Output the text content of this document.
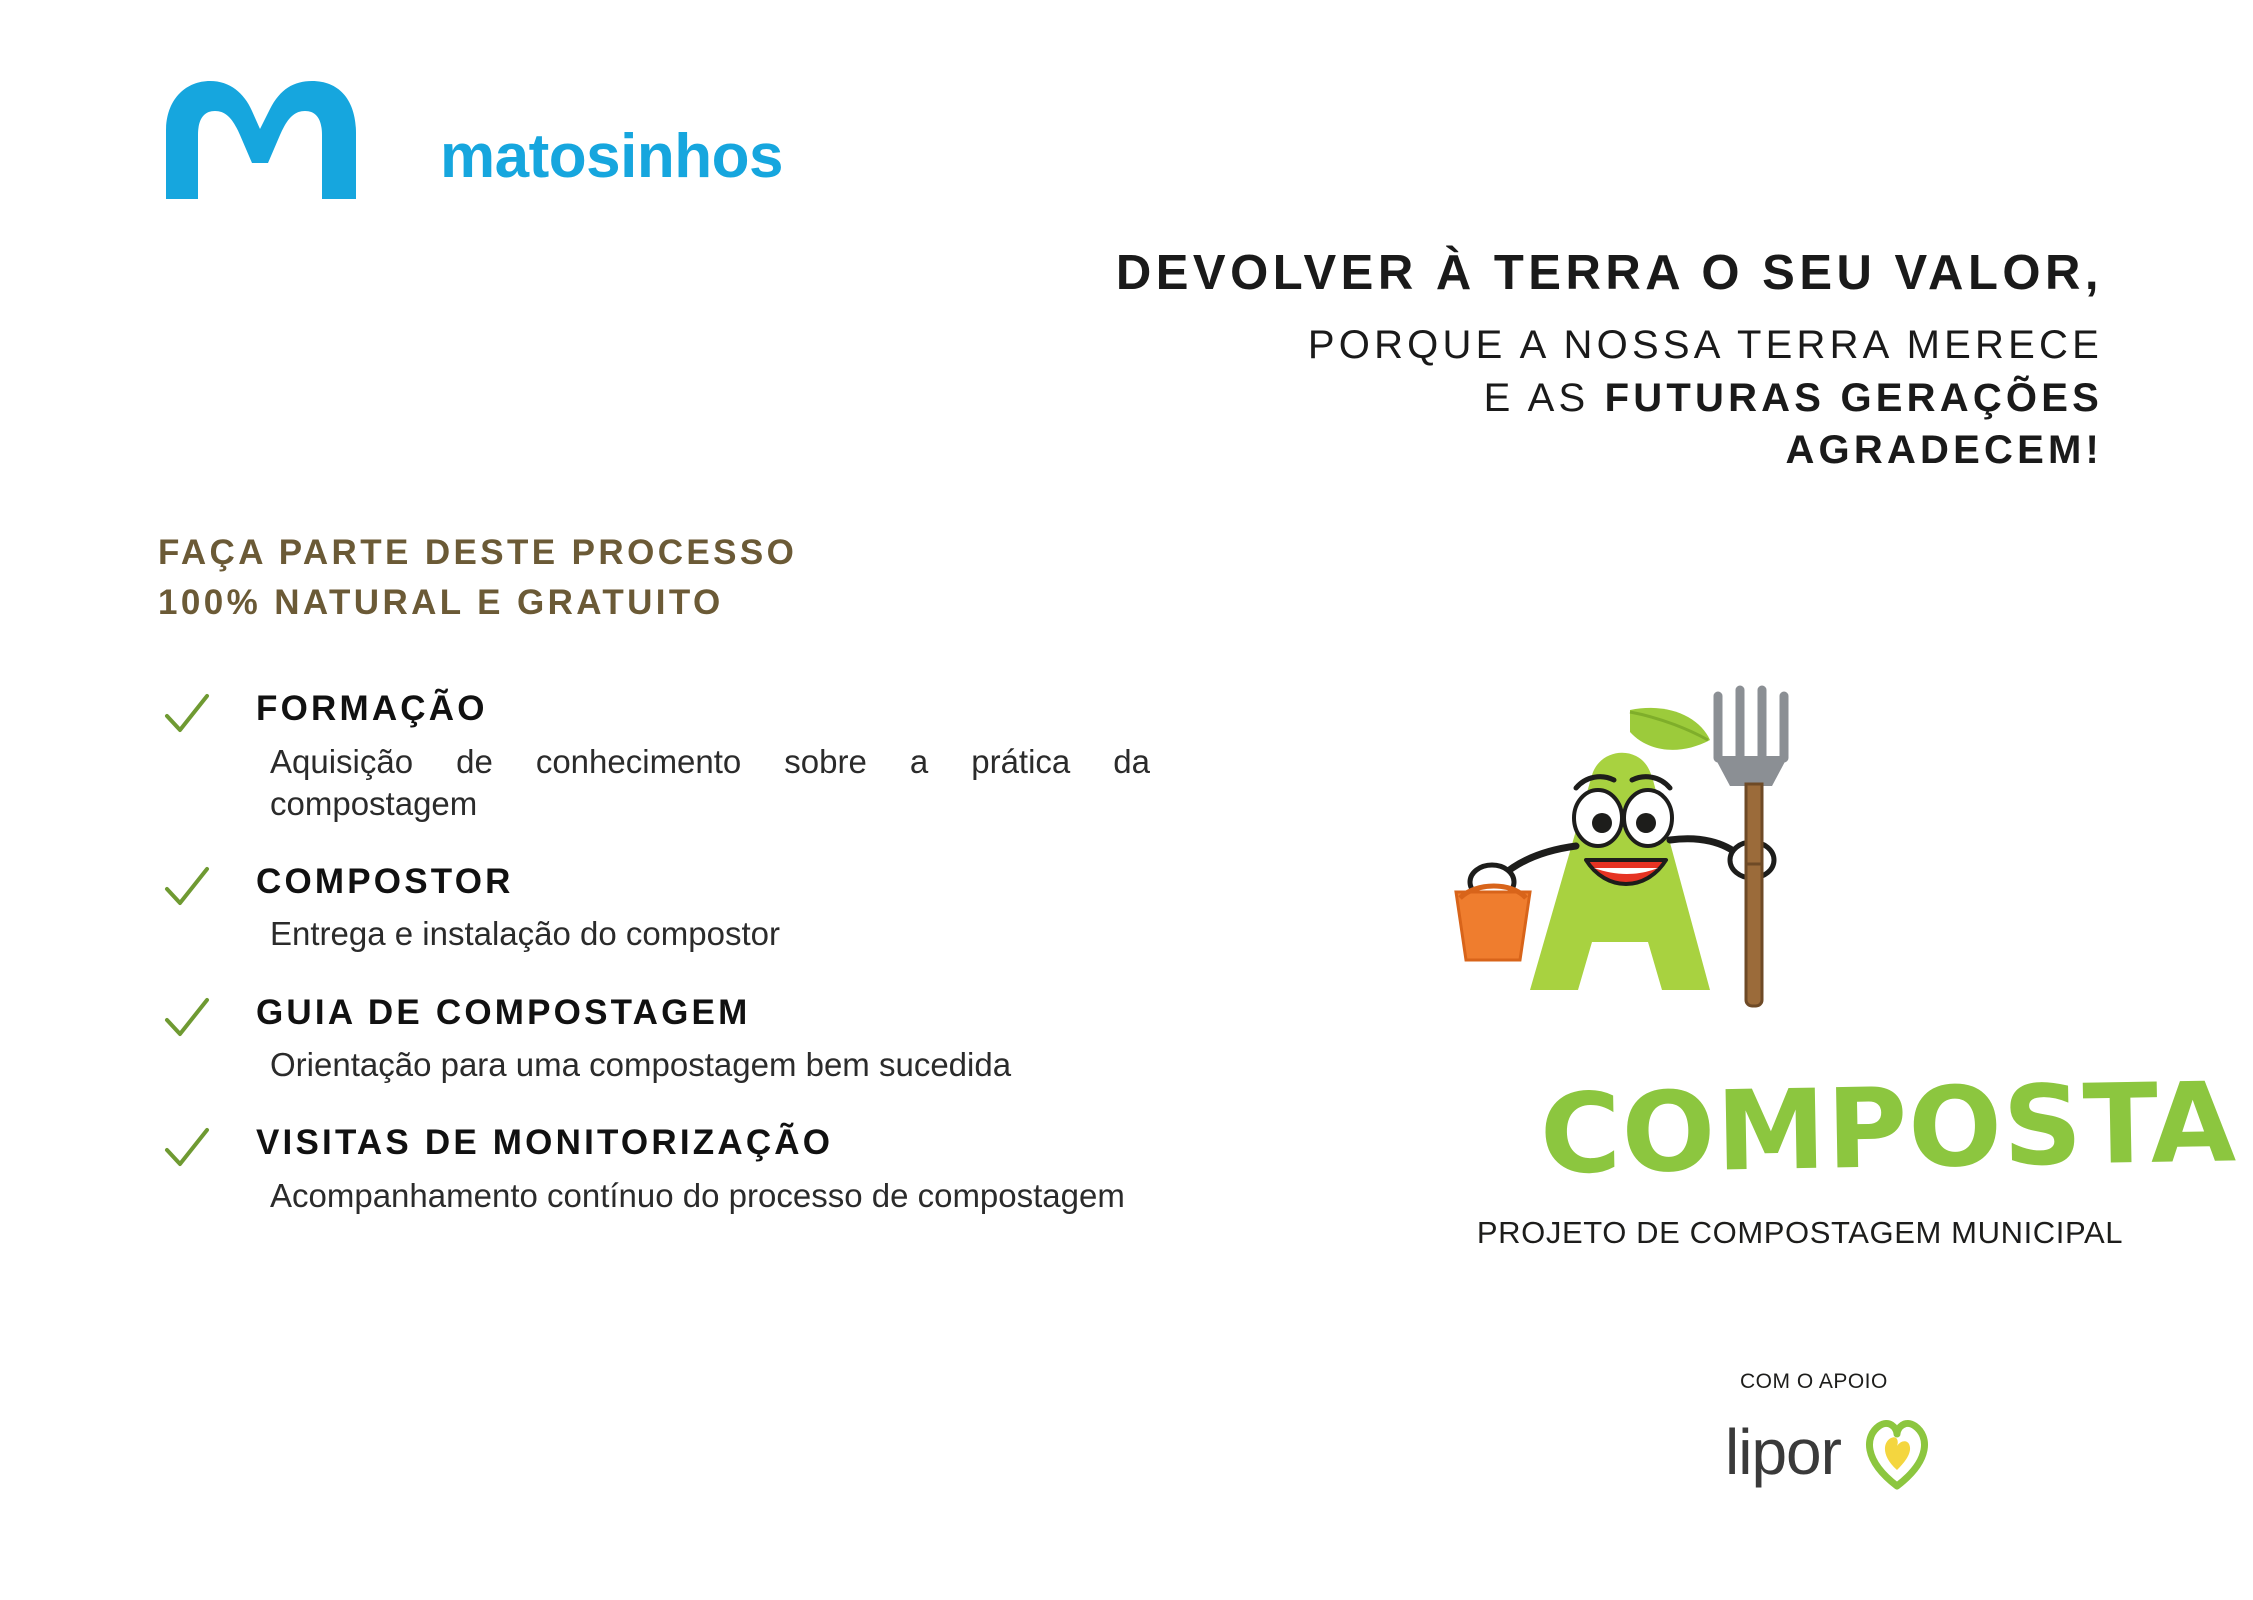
matosinhos
DEVOLVER À TERRA O SEU VALOR,
PORQUE A NOSSA TERRA MERECE
E AS FUTURAS GERAÇÕES
AGRADECEM!
FAÇA PARTE DESTE PROCESSO
100% NATURAL E GRATUITO
FORMAÇÃO
Aquisição de conhecimento sobre a prática da compostagem
COMPOSTOR
Entrega e instalação do compostor
GUIA DE COMPOSTAGEM
Orientação para uma compostagem bem sucedida
VISITAS DE MONITORIZAÇÃO
Acompanhamento contínuo do processo de compostagem	COMPOSTA
PROJETO DE COMPOSTAGEM MUNICIPAL
COM O APOIO
lipor
